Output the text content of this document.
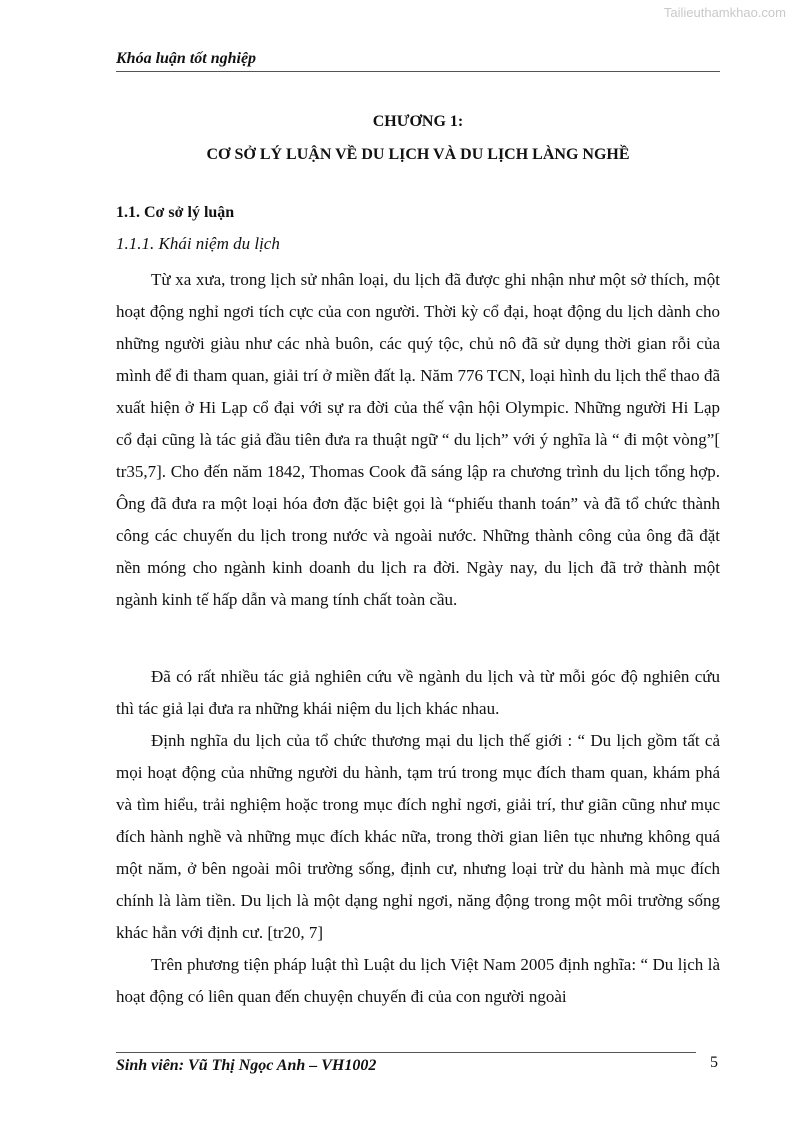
Tailieuthamkhao.com
Khóa luận tốt nghiệp
CHƯƠNG 1:
CƠ SỞ LÝ LUẬN VỀ DU LỊCH VÀ DU LỊCH LÀNG NGHỀ
1.1. Cơ sở lý luận
1.1.1. Khái niệm du lịch

Từ xa xưa, trong lịch sử nhân loại, du lịch đã được ghi nhận như một sở thích, một hoạt động nghỉ ngơi tích cực của con người. Thời kỳ cổ đại, hoạt động du lịch dành cho những người giàu như các nhà buôn, các quý tộc, chủ nô đã sử dụng thời gian rỗi của mình để đi tham quan, giải trí ở miền đất lạ. Năm 776 TCN, loại hình du lịch thể thao đã xuất hiện ở Hi Lạp cổ đại với sự ra đời của thế vận hội Olympic. Những người Hi Lạp cổ đại cũng là tác giả đầu tiên đưa ra thuật ngữ “ du lịch” với ý nghĩa là “ đi một vòng”[ tr35,7]. Cho đến năm 1842, Thomas Cook đã sáng lập ra chương trình du lịch tổng hợp. Ông đã đưa ra một loại hóa đơn đặc biệt gọi là “phiếu thanh toán” và đã tổ chức thành công các chuyến du lịch trong nước và ngoài nước. Những thành công của ông đã đặt nền móng cho ngành kinh doanh du lịch ra đời. Ngày nay, du lịch đã trở thành một ngành kinh tế hấp dẫn và mang tính chất toàn cầu.

Đã có rất nhiều tác giả nghiên cứu về ngành du lịch và từ mỗi góc độ nghiên cứu thì tác giả lại đưa ra những khái niệm du lịch khác nhau.

Định nghĩa du lịch của tổ chức thương mại du lịch thế giới : “ Du lịch gồm tất cả mọi hoạt động của những người du hành, tạm trú trong mục đích tham quan, khám phá và tìm hiểu, trải nghiệm hoặc trong mục đích nghỉ ngơi, giải trí, thư giãn cũng như mục đích hành nghề và những mục đích khác nữa, trong thời gian liên tục nhưng không quá một năm, ở bên ngoài môi trường sống, định cư, nhưng loại trừ du hành mà mục đích chính là làm tiền. Du lịch là một dạng nghỉ ngơi, năng động trong một môi trường sống khác hẳn với định cư. [tr20, 7]

Trên phương tiện pháp luật thì Luật du lịch Việt Nam 2005 định nghĩa: “ Du lịch là hoạt động có liên quan đến chuyện chuyến đi của con người ngoài

Sinh viên: Vũ Thị Ngọc Anh – VH1002	5
